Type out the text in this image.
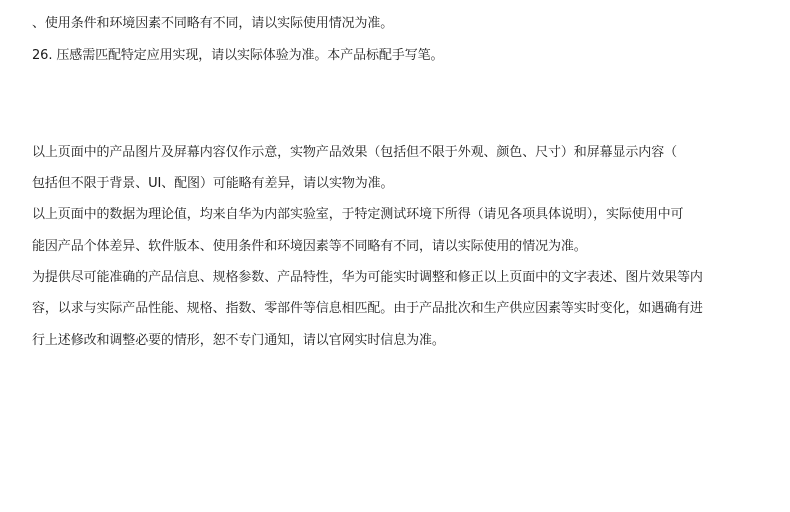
、使用条件和环境因素不同略有不同，请以实际使用情况为准。
26. 压感需匹配特定应用实现，请以实际体验为准。本产品标配手写笔。
以上页面中的产品图片及屏幕内容仅作示意，实物产品效果（包括但不限于外观、颜色、尺寸）和屏幕显示内容（
包括但不限于背景、UI、配图）可能略有差异，请以实物为准。
以上页面中的数据为理论值，均来自华为内部实验室，于特定测试环境下所得（请见各项具体说明），实际使用中可
能因产品个体差异、软件版本、使用条件和环境因素等不同略有不同，请以实际使用的情况为准。
为提供尽可能准确的产品信息、规格参数、产品特性，华为可能实时调整和修正以上页面中的文字表述、图片效果等内
容，以求与实际产品性能、规格、指数、零部件等信息相匹配。由于产品批次和生产供应因素等实时变化，如遇确有进
行上述修改和调整必要的情形，恕不专门通知，请以官网实时信息为准。
